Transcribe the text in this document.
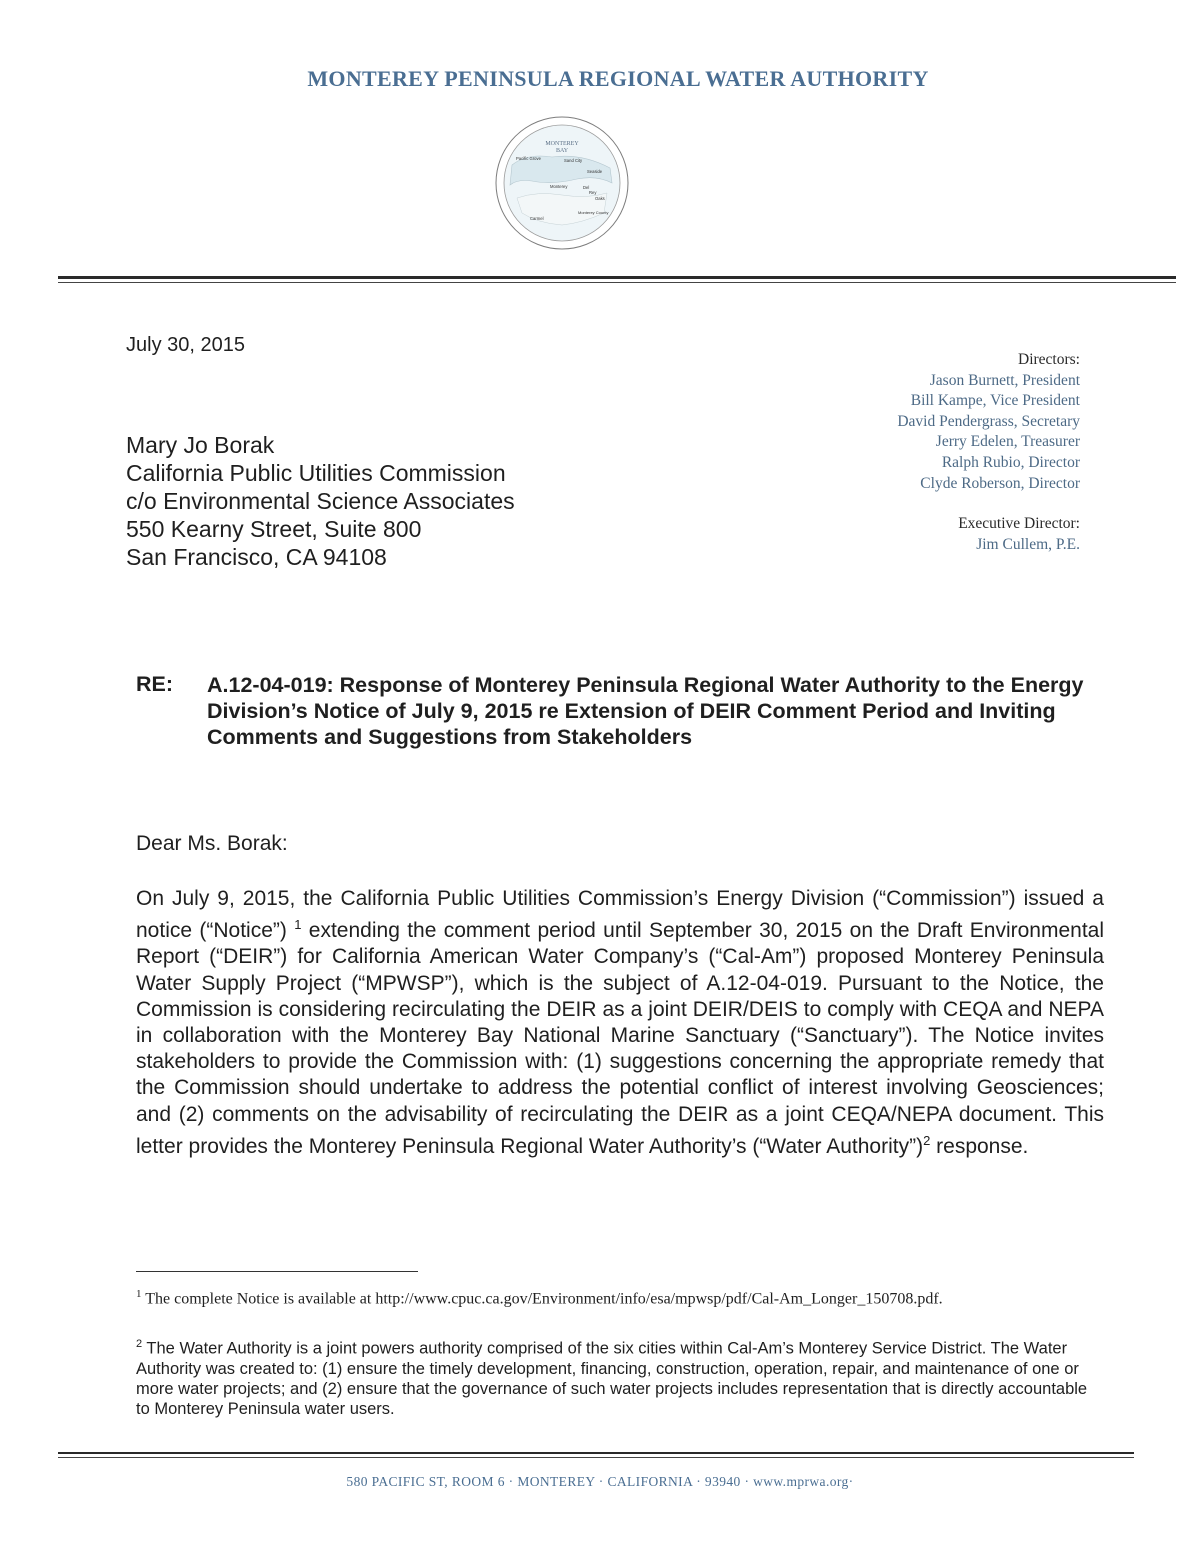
MONTEREY PENINSULA REGIONAL WATER AUTHORITY
MONTEREY
BAY
Pacific Grove	Sand City
Seaside
Monterey	Del
Rey
Oaks
Carmel
Monterey County
July 30, 2015
Mary Jo Borak
California Public Utilities Commission
c/o Environmental Science Associates
550 Kearny Street, Suite 800
San Francisco, CA 94108
Directors:
Jason Burnett, President
Bill Kampe, Vice President
David Pendergrass, Secretary
Jerry Edelen, Treasurer
Ralph Rubio, Director
Clyde Roberson, Director
Executive Director:
Jim Cullem, P.E.
RE: A.12-04-019: Response of Monterey Peninsula Regional Water Authority to the Energy Division’s Notice of July 9, 2015 re Extension of DEIR Comment Period and Inviting Comments and Suggestions from Stakeholders
Dear Ms. Borak:
On July 9, 2015, the California Public Utilities Commission’s Energy Division (“Commission”) issued a notice (“Notice”) $^1$ extending the comment period until September 30, 2015 on the Draft Environmental Report (“DEIR”) for California American Water Company’s (“Cal-Am”) proposed Monterey Peninsula Water Supply Project (“MPWSP”), which is the subject of A.12-04-019. Pursuant to the Notice, the Commission is considering recirculating the DEIR as a joint DEIR/DEIS to comply with CEQA and NEPA in collaboration with the Monterey Bay National Marine Sanctuary (“Sanctuary”). The Notice invites stakeholders to provide the Commission with: (1) suggestions concerning the appropriate remedy that the Commission should undertake to address the potential conflict of interest involving Geosciences; and (2) comments on the advisability of recirculating the DEIR as a joint CEQA/NEPA document. This letter provides the Monterey Peninsula Regional Water Authority’s (“Water Authority”)$^2$ response.
$^1$ The complete Notice is available at http://www.cpuc.ca.gov/Environment/info/esa/mpwsp/pdf/Cal-Am_Longer_150708.pdf.
$^2$ The Water Authority is a joint powers authority comprised of the six cities within Cal-Am’s Monterey Service District. The Water Authority was created to: (1) ensure the timely development, financing, construction, operation, repair, and maintenance of one or more water projects; and (2) ensure that the governance of such water projects includes representation that is directly accountable to Monterey Peninsula water users.
580 PACIFIC ST, ROOM 6 · MONTEREY · CALIFORNIA · 93940 · www.mprwa.org·
